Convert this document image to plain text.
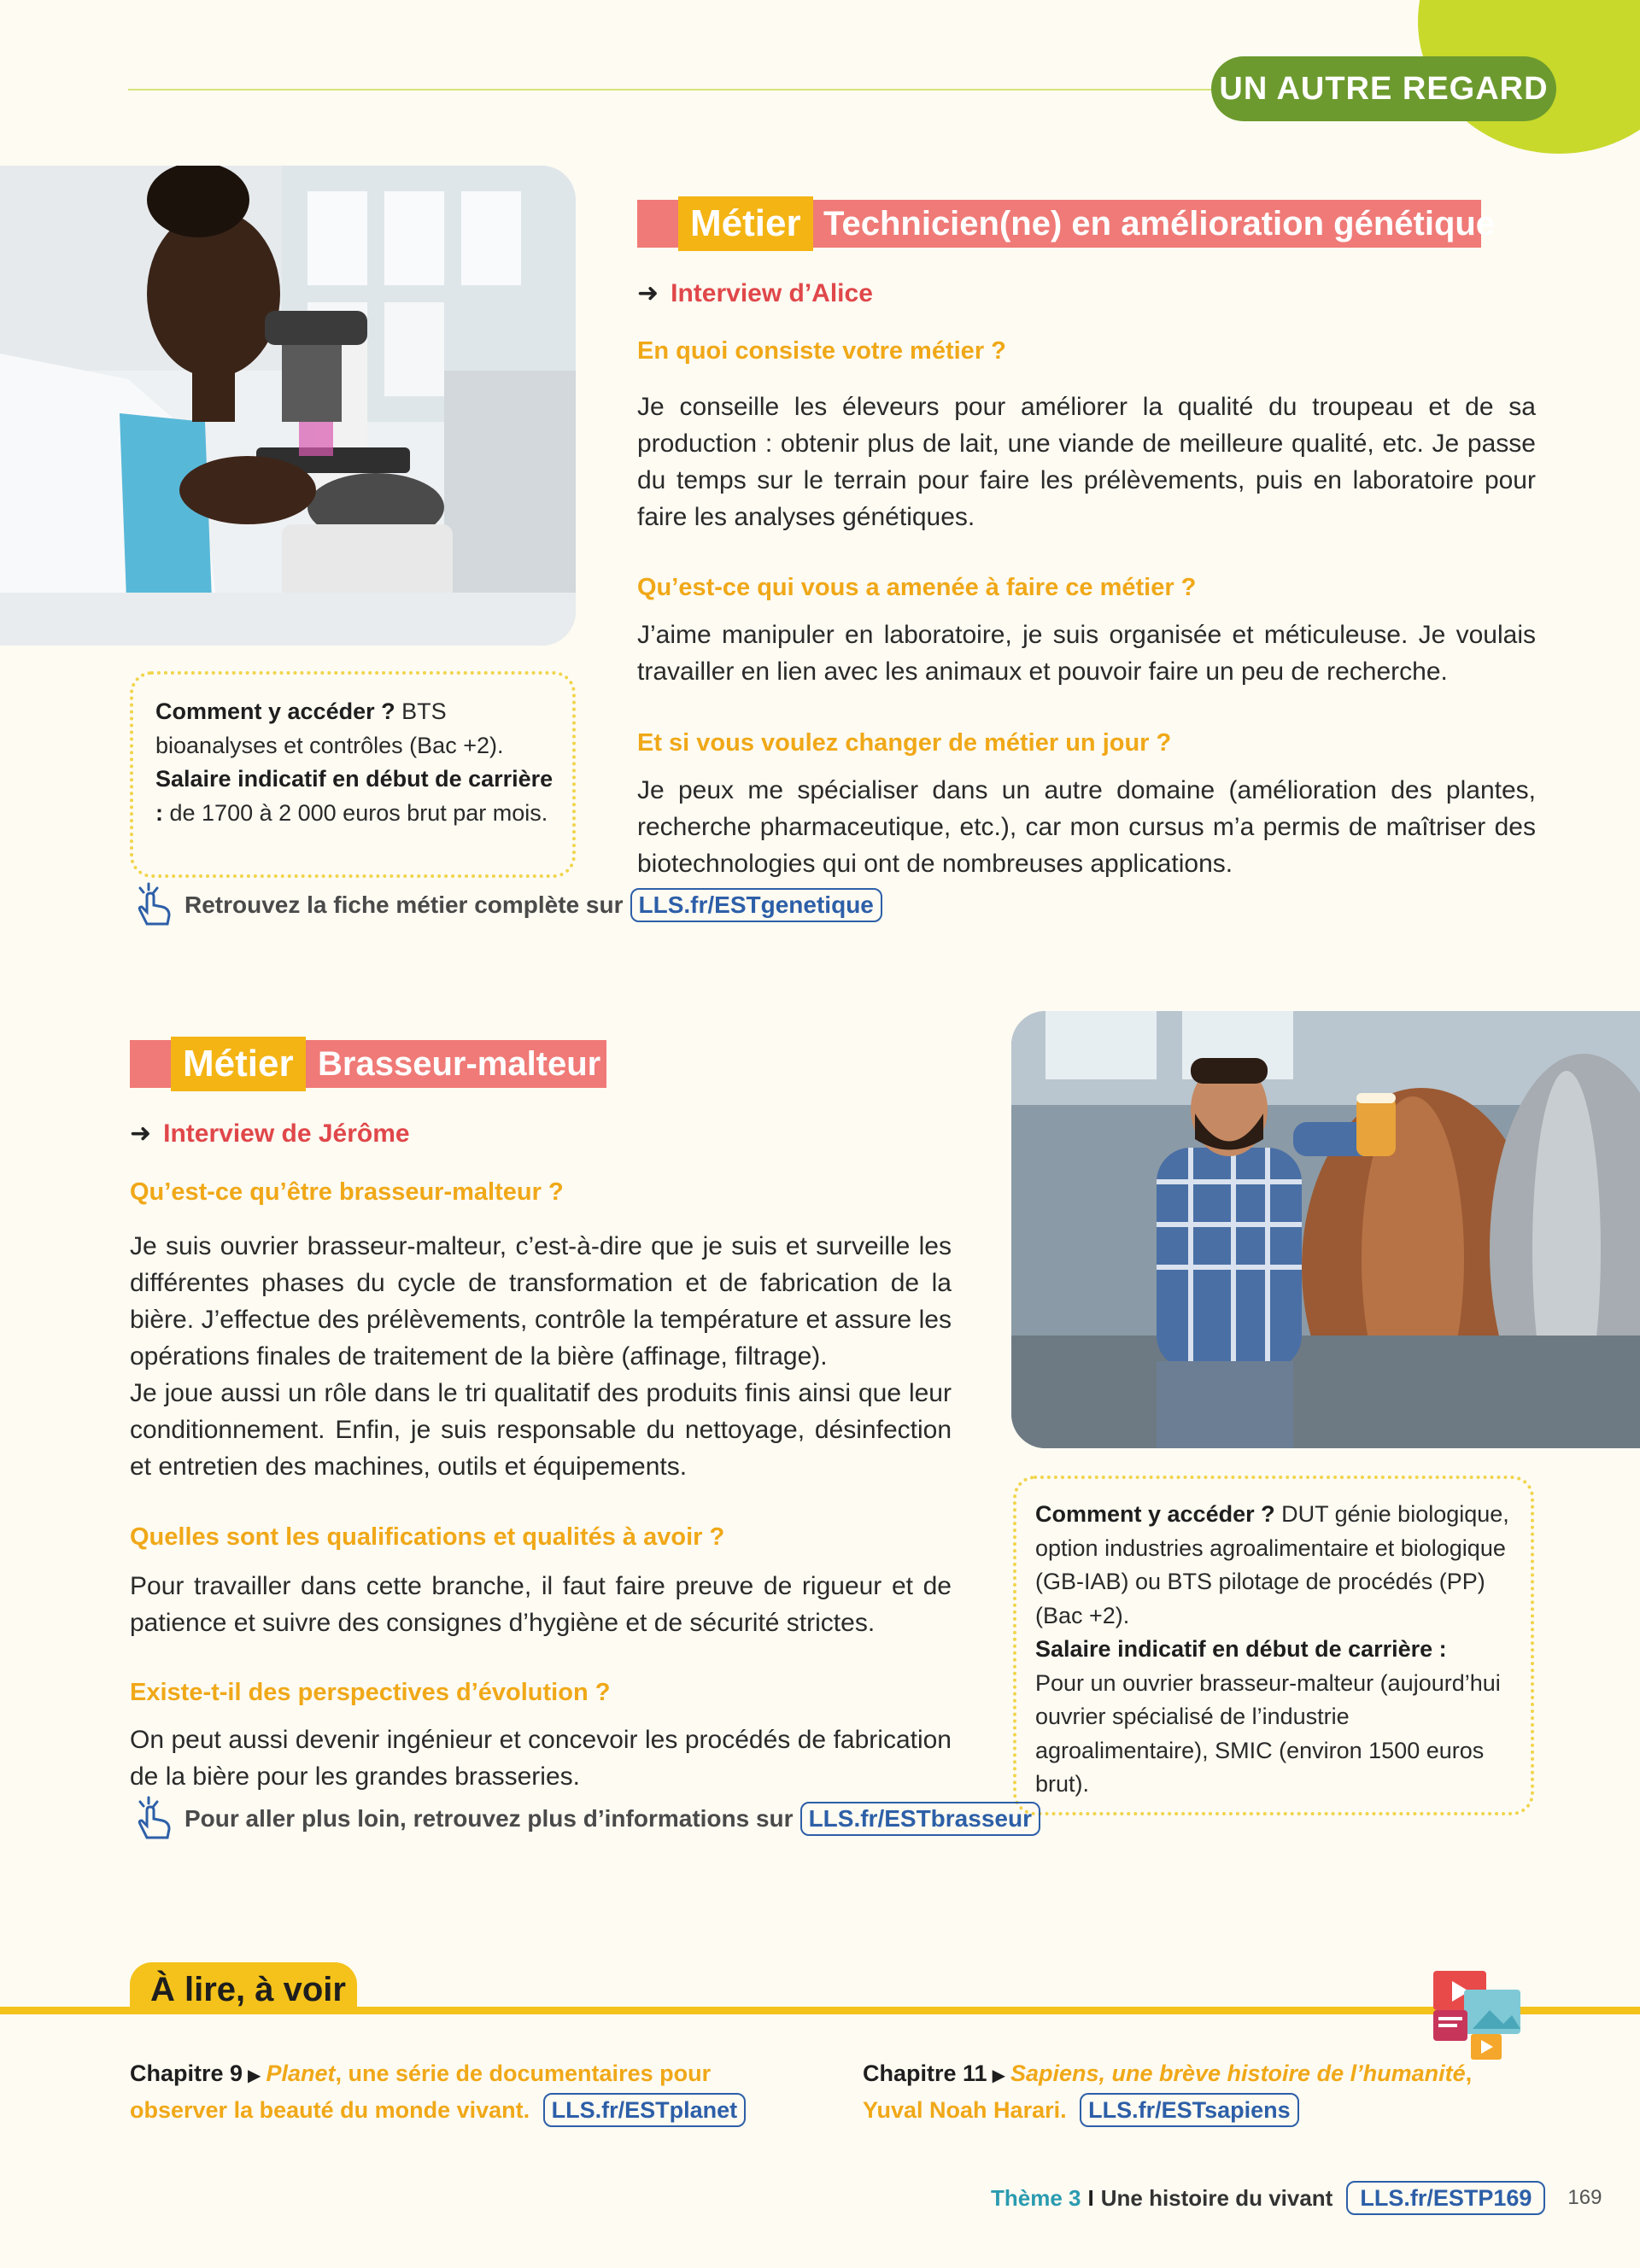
UN AUTRE REGARD
Métier Technicien(ne) en amélioration génétique
➜ Interview d’Alice
En quoi consiste votre métier ?
Je conseille les éleveurs pour améliorer la qualité du troupeau et de sa production : obtenir plus de lait, une viande de meilleure qualité, etc. Je passe du temps sur le terrain pour faire les prélèvements, puis en laboratoire pour faire les analyses génétiques.
Qu’est-ce qui vous a amenée à faire ce métier ?
J’aime manipuler en laboratoire, je suis organisée et méticuleuse. Je voulais travailler en lien avec les animaux et pouvoir faire un peu de recherche.
Et si vous voulez changer de métier un jour ?
Je peux me spécialiser dans un autre domaine (amélioration des plantes, recherche pharmaceutique, etc.), car mon cursus m’a permis de maîtriser des biotechnologies qui ont de nombreuses applications.
Comment y accéder ? BTS bioanalyses et contrôles (Bac +2). Salaire indicatif en début de carrière : de 1700 à 2 000 euros brut par mois.
Retrouvez la fiche métier complète sur LLS.fr/ESTgenetique
Métier Brasseur-malteur
➜ Interview de Jérôme
Qu’est-ce qu’être brasseur-malteur ?
Je suis ouvrier brasseur-malteur, c’est-à-dire que je suis et surveille les différentes phases du cycle de transformation et de fabrication de la bière. J’effectue des prélèvements, contrôle la température et assure les opérations finales de traitement de la bière (affinage, filtrage).
Je joue aussi un rôle dans le tri qualitatif des produits finis ainsi que leur conditionnement. Enfin, je suis responsable du nettoyage, désinfection et entretien des machines, outils et équipements.
Quelles sont les qualifications et qualités à avoir ?
Pour travailler dans cette branche, il faut faire preuve de rigueur et de patience et suivre des consignes d’hygiène et de sécurité strictes.
Existe-t-il des perspectives d’évolution ?
On peut aussi devenir ingénieur et concevoir les procédés de fabrication de la bière pour les grandes brasseries.
Comment y accéder ? DUT génie biologique, option industries agroalimentaire et biologique (GB-IAB) ou BTS pilotage de procédés (PP) (Bac +2).
Salaire indicatif en début de carrière :
Pour un ouvrier brasseur-malteur (aujourd’hui ouvrier spécialisé de l’industrie agroalimentaire), SMIC (environ 1500 euros brut).
Pour aller plus loin, retrouvez plus d’informations sur LLS.fr/ESTbrasseur
À lire, à voir
Chapitre 9 ▶ Planet, une série de documentaires pour observer la beauté du monde vivant. LLS.fr/ESTplanet
Chapitre 11 ▶ Sapiens, une brève histoire de l’humanité, Yuval Noah Harari. LLS.fr/ESTsapiens
Thème 3 I Une histoire du vivant	LLS.fr/ESTP169	169
